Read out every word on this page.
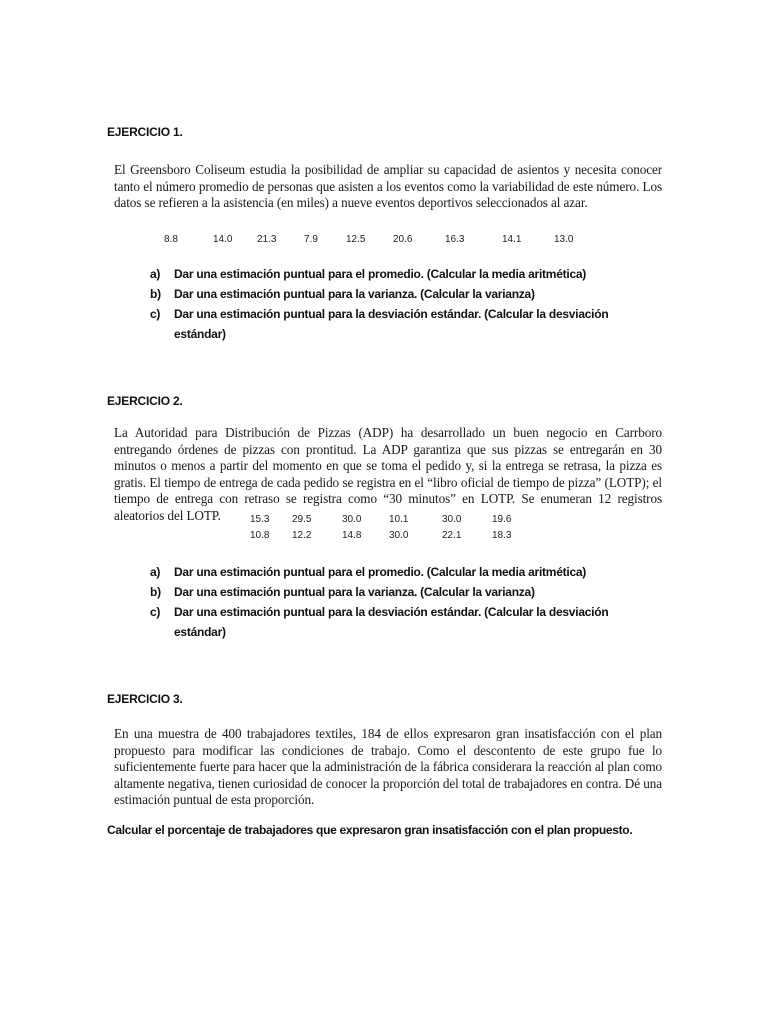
EJERCICIO 1.

El Greensboro Coliseum estudia la posibilidad de ampliar su capacidad de asientos y necesita conocer tanto el número promedio de personas que asisten a los eventos como la variabilidad de este número. Los datos se refieren a la asistencia (en miles) a nueve eventos deportivos seleccionados al azar.

8.8	14.0	21.3	7.9	12.5	20.6	16.3	14.1	13.0
a)	Dar una estimación puntual para el promedio. (Calcular la media aritmética)
b)	Dar una estimación puntual para la varianza. (Calcular la varianza)
c)	Dar una estimación puntual para la desviación estándar. (Calcular la desviación estándar)

EJERCICIO 2.

La Autoridad para Distribución de Pizzas (ADP) ha desarrollado un buen negocio en Carrboro entregando órdenes de pizzas con prontitud. La ADP garantiza que sus pizzas se entregarán en 30 minutos o menos a partir del momento en que se toma el pedido y, si la entrega se retrasa, la pizza es gratis. El tiempo de entrega de cada pedido se registra en el “libro oficial de tiempo de pizza” (LOTP); el tiempo de entrega con retraso se registra como “30 minutos” en LOTP. Se enumeran 12 registros aleatorios del LOTP.	15.3	29.5	30.0	10.1	30.0	19.6
10.8	12.2	14.8	30.0	22.1	18.3
a)	Dar una estimación puntual para el promedio. (Calcular la media aritmética)
b)	Dar una estimación puntual para la varianza. (Calcular la varianza)
c)	Dar una estimación puntual para la desviación estándar. (Calcular la desviación estándar)

EJERCICIO 3.

En una muestra de 400 trabajadores textiles, 184 de ellos expresaron gran insatisfacción con el plan propuesto para modificar las condiciones de trabajo. Como el descontento de este grupo fue lo suficientemente fuerte para hacer que la administración de la fábrica considerara la reacción al plan como altamente negativa, tienen curiosidad de conocer la proporción del total de trabajadores en contra. Dé una estimación puntual de esta proporción.

Calcular el porcentaje de trabajadores que expresaron gran insatisfacción con el plan propuesto.
